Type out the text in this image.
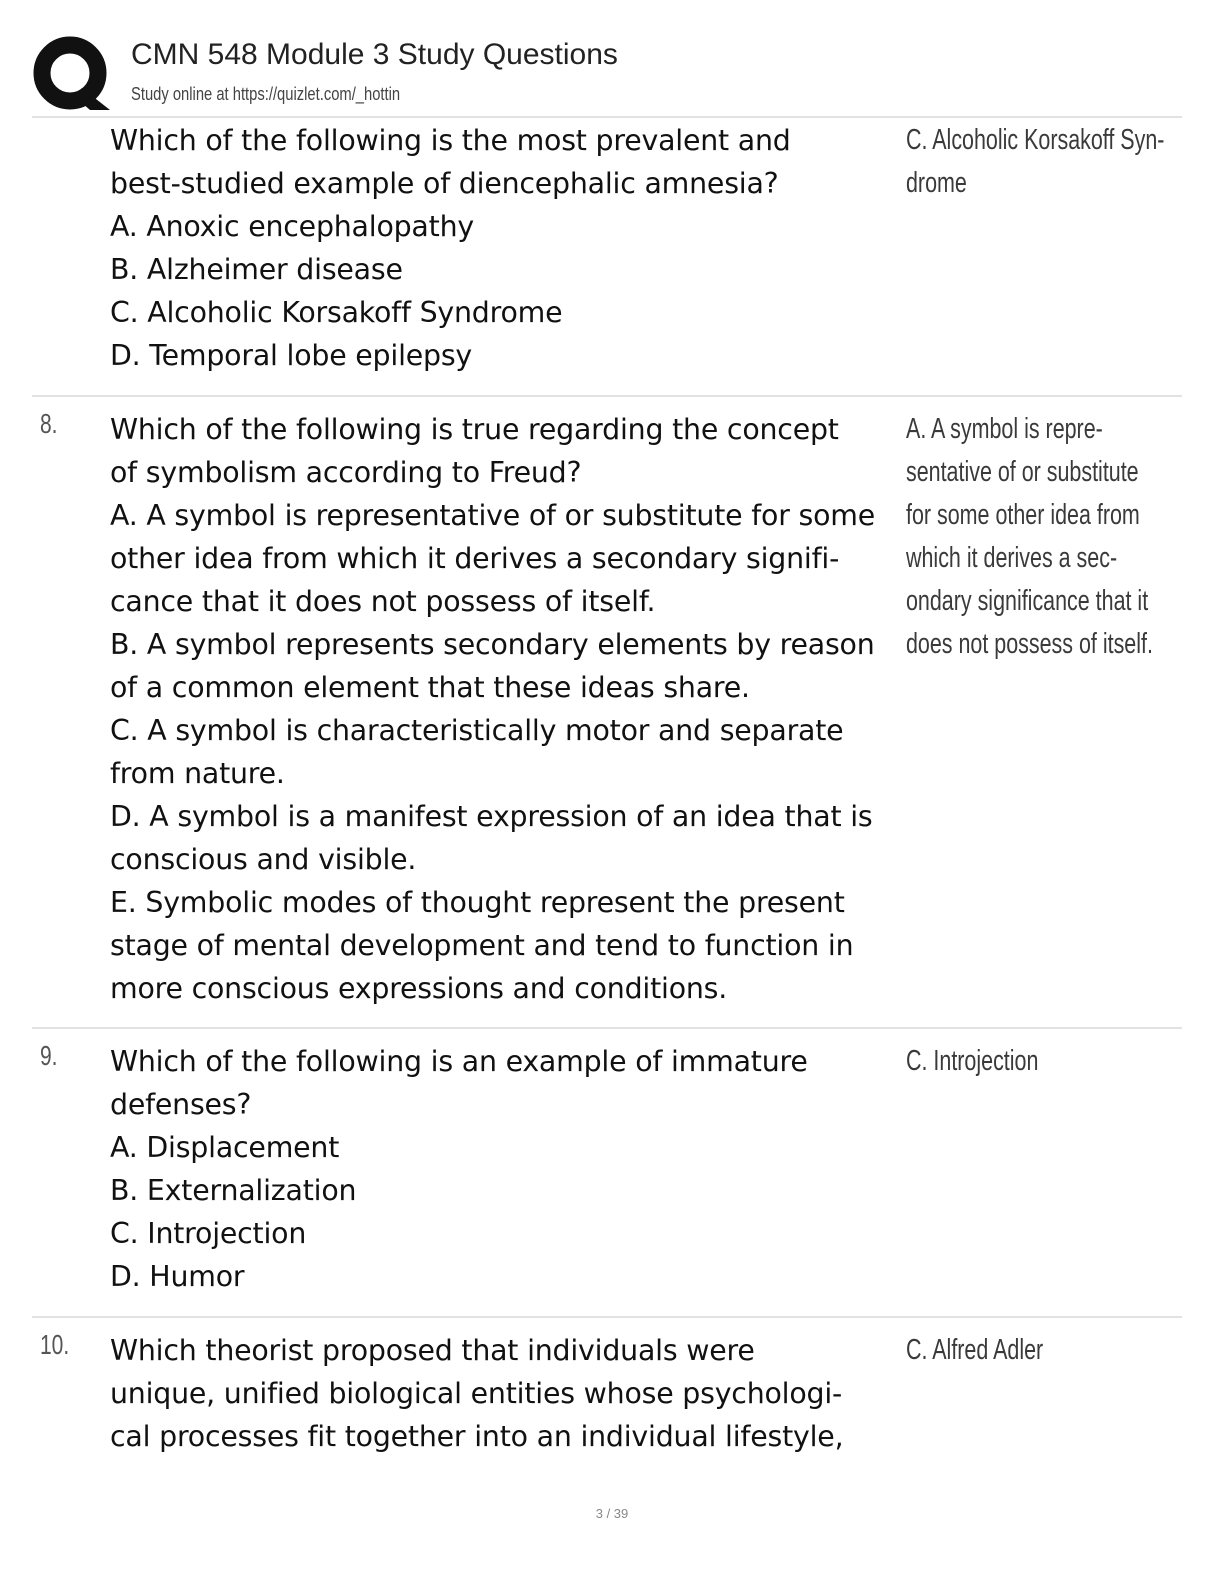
CMN 548 Module 3 Study Questions
Study online at https://quizlet.com/_hottin
Which of the following is the most prevalent and
best-studied example of diencephalic amnesia?
A. Anoxic encephalopathy
B. Alzheimer disease
C. Alcoholic Korsakoff Syndrome
D. Temporal lobe epilepsy
C. Alcoholic Korsakoff Syn-
drome
8. Which of the following is true regarding the concept
of symbolism according to Freud?
A. A symbol is representative of or substitute for some
other idea from which it derives a secondary signifi-
cance that it does not possess of itself.
B. A symbol represents secondary elements by reason
of a common element that these ideas share.
C. A symbol is characteristically motor and separate
from nature.
D. A symbol is a manifest expression of an idea that is
conscious and visible.
E. Symbolic modes of thought represent the present
stage of mental development and tend to function in
more conscious expressions and conditions.
A. A symbol is repre-
sentative of or substitute
for some other idea from
which it derives a sec-
ondary significance that it
does not possess of itself.
9. Which of the following is an example of immature
defenses?
A. Displacement
B. Externalization
C. Introjection
D. Humor
C. Introjection
10. Which theorist proposed that individuals were
unique, unified biological entities whose psychologi-
cal processes fit together into an individual lifestyle,
C. Alfred Adler
3 / 39
